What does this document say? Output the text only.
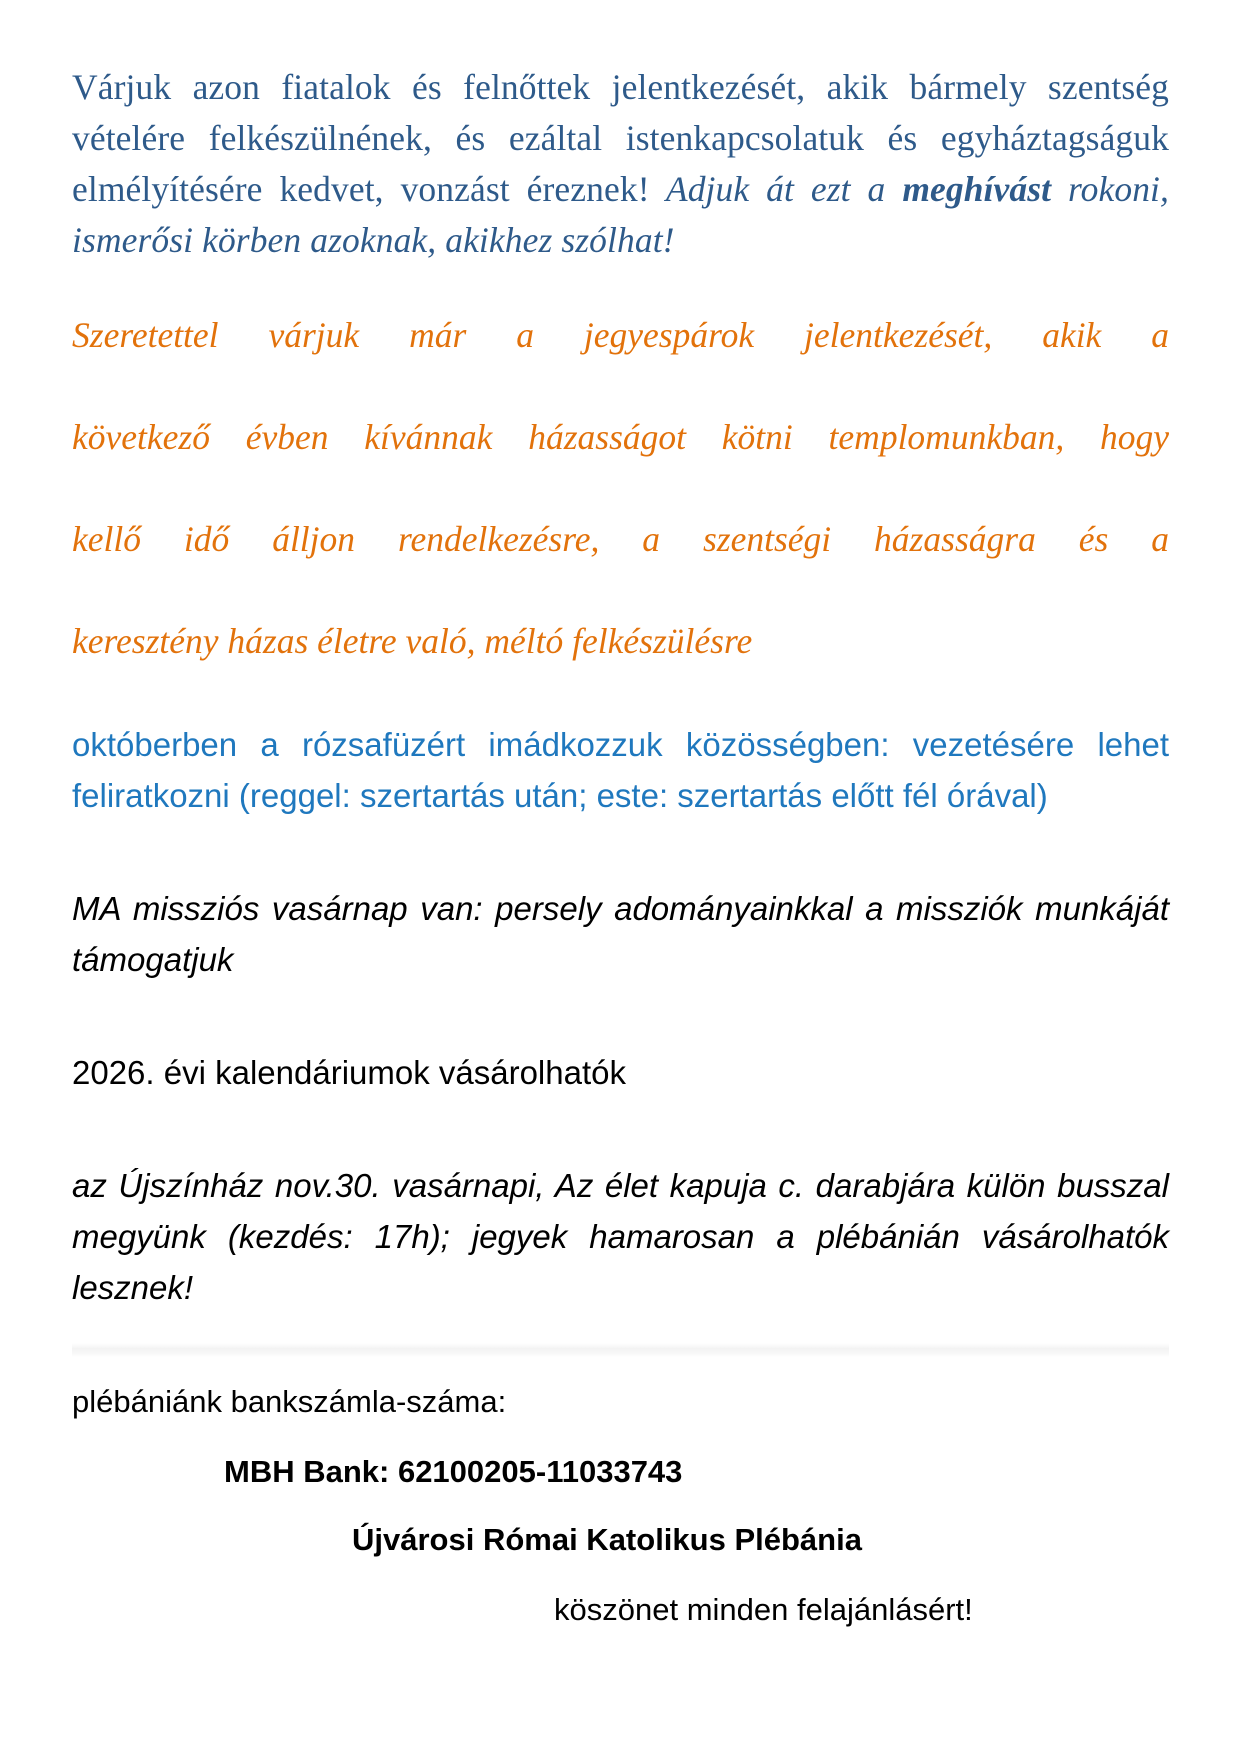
Várjuk azon fiatalok és felnőttek jelentkezését, akik bármely szentség vételére felkészülnének, és ezáltal istenkapcsolatuk és egyháztagságuk elmélyítésére kedvet, vonzást éreznek! Adjuk át ezt a meghívást rokoni, ismerősi körben azoknak, akikhez szólhat!

Szeretettel várjuk már a jegyespárok jelentkezését, akik a
következő évben kívánnak házasságot kötni templomunkban, hogy
kellő idő álljon rendelkezésre, a szentségi házasságra és a
keresztény házas életre való, méltó felkészülésre

októberben a rózsafüzért imádkozzuk közösségben: vezetésére lehet feliratkozni (reggel: szertartás után; este: szertartás előtt fél órával)

MA missziós vasárnap van: persely adományainkkal a missziók munkáját támogatjuk

2026. évi kalendáriumok vásárolhatók

az Újszínház nov.30. vasárnapi, Az élet kapuja c. darabjára külön busszal megyünk (kezdés: 17h); jegyek hamarosan a plébánián vásárolhatók lesznek!

plébániánk bankszámla-száma:

MBH Bank: 62100205-11033743
Újvárosi Római Katolikus Plébánia
köszönet minden felajánlásért!
